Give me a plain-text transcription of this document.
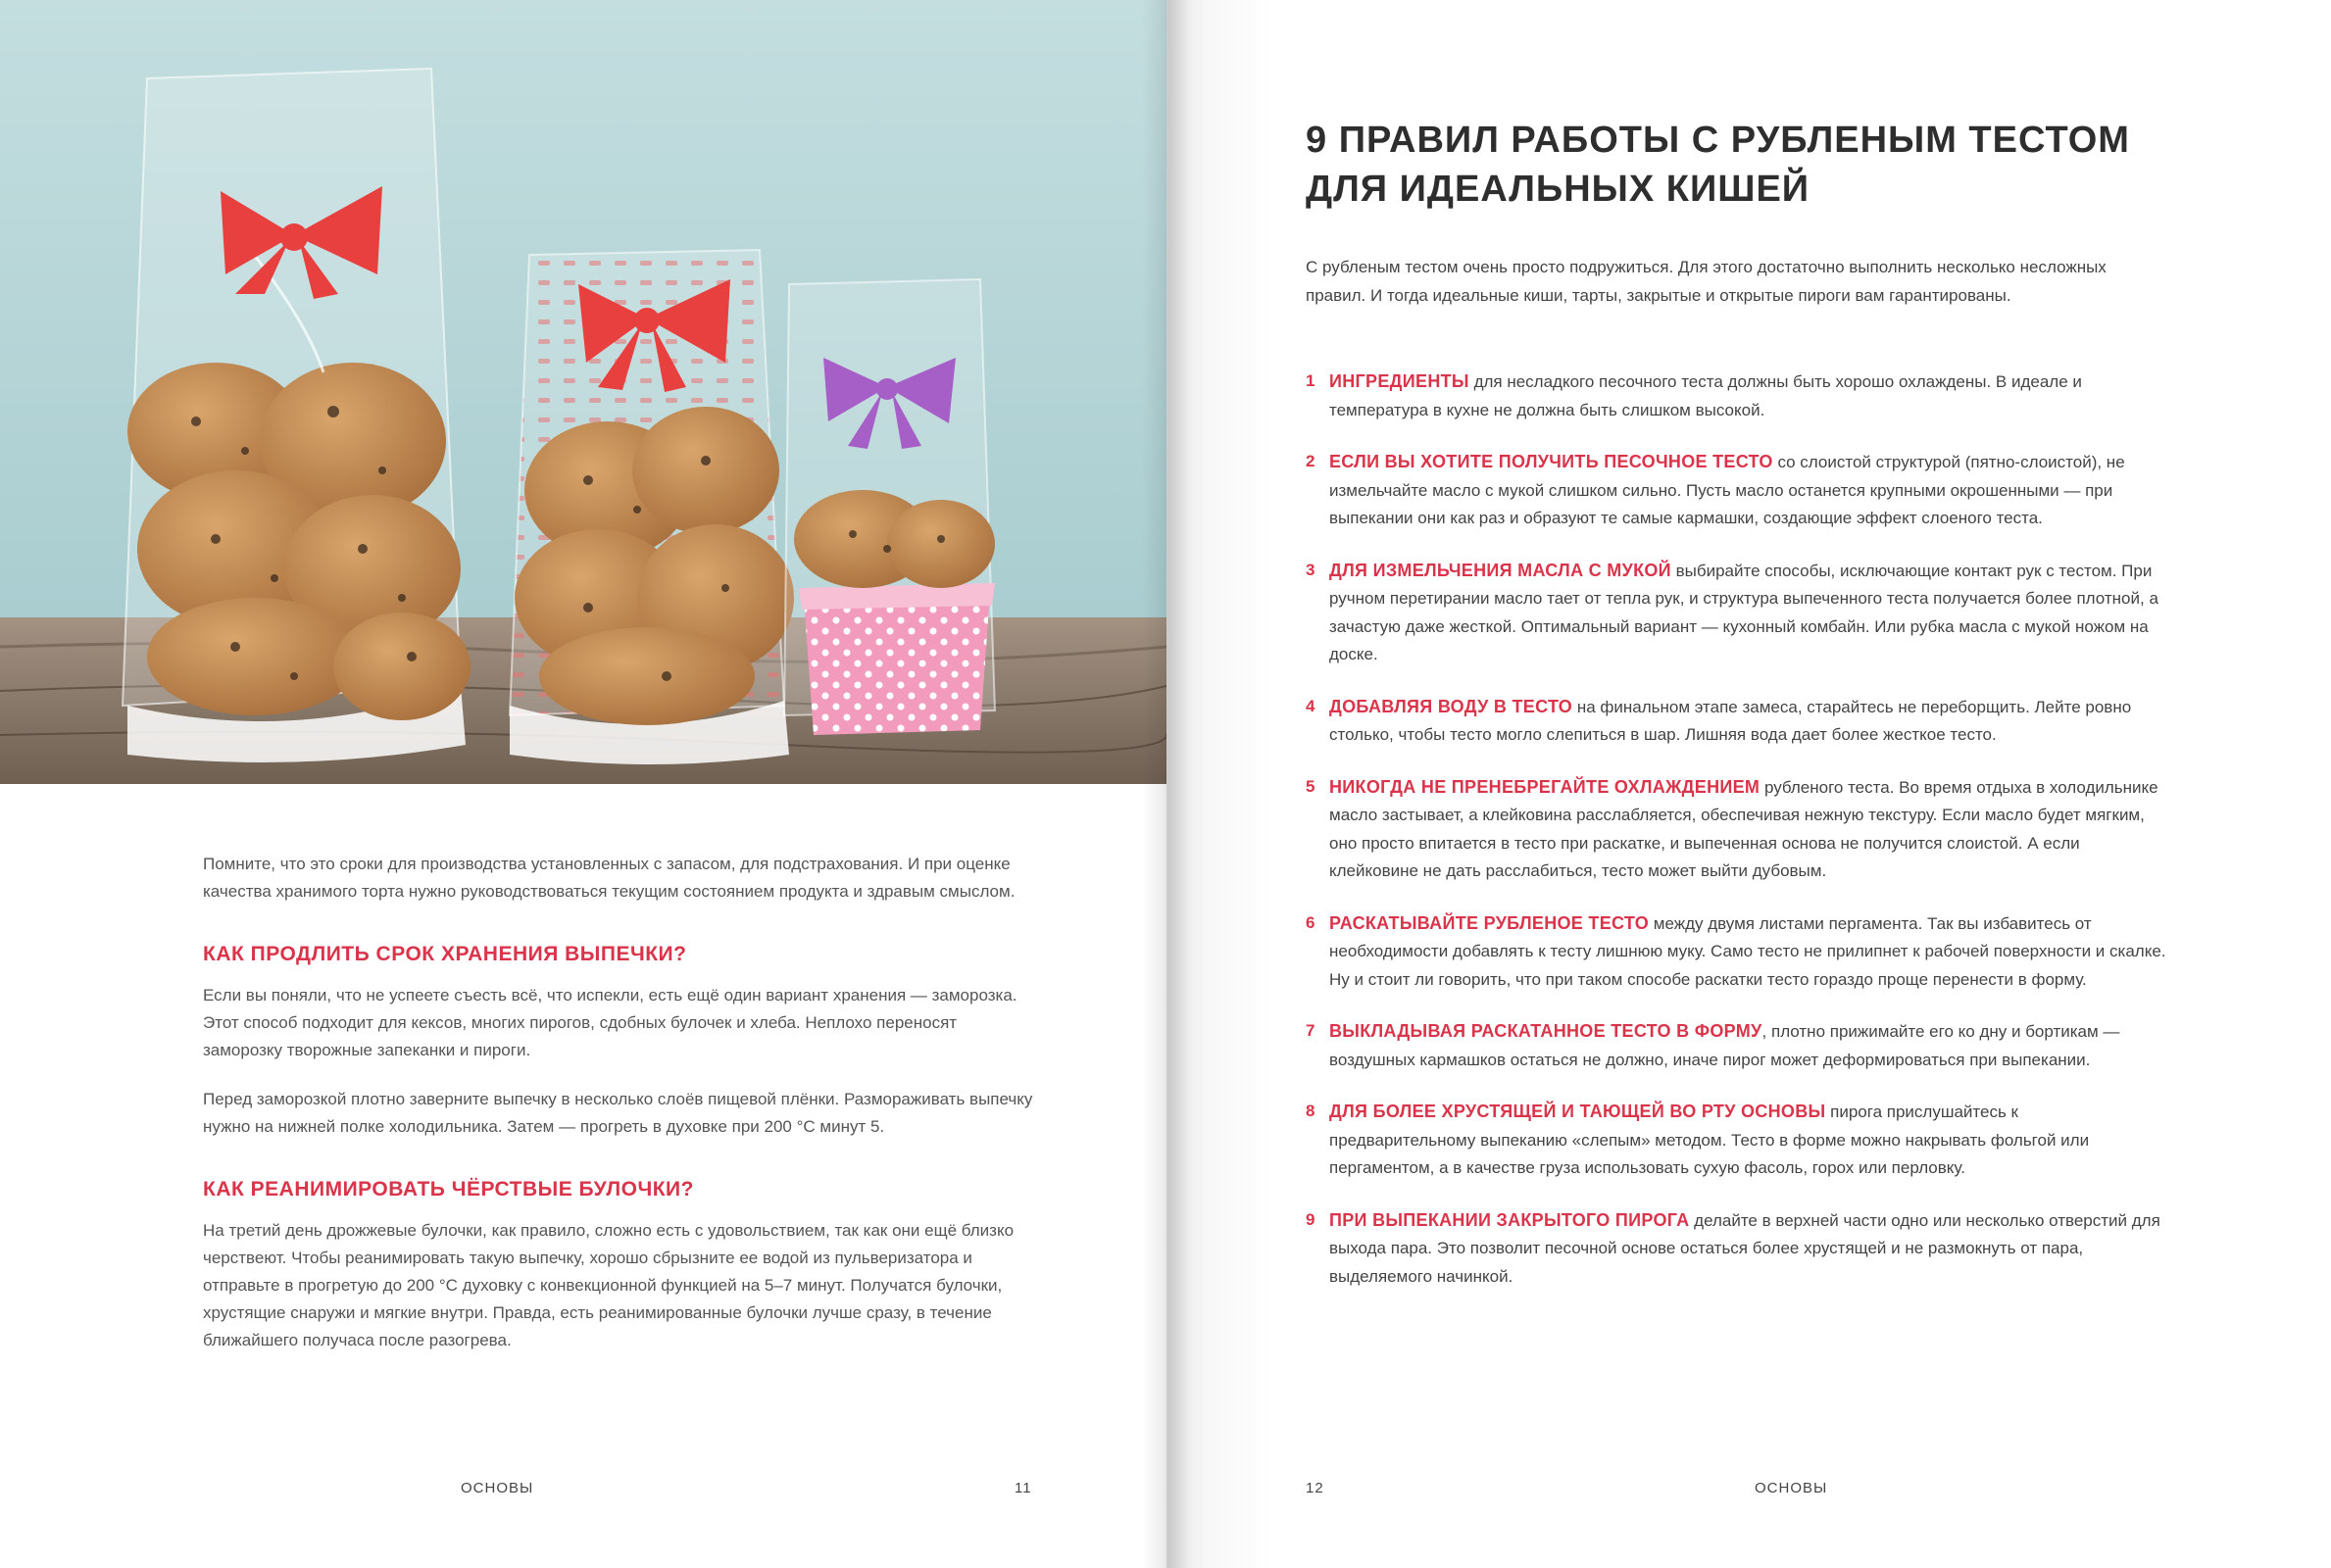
Помните, что это сроки для производства установленных с запасом, для подстрахования. И при оценке качества хранимого торта нужно руководствоваться текущим состоянием продукта и здравым смыслом.

КАК ПРОДЛИТЬ СРОК ХРАНЕНИЯ ВЫПЕЧКИ?

Если вы поняли, что не успеете съесть всё, что испекли, есть ещё один вариант хранения — заморозка. Этот способ подходит для кексов, многих пирогов, сдобных булочек и хлеба. Неплохо переносят заморозку творожные запеканки и пироги.

Перед заморозкой плотно заверните выпечку в несколько слоёв пищевой плёнки. Размораживать выпечку нужно на нижней полке холодильника. Затем — прогреть в духовке при 200 °С минут 5.

КАК РЕАНИМИРОВАТЬ ЧЁРСТВЫЕ БУЛОЧКИ?

На третий день дрожжевые булочки, как правило, сложно есть с удовольствием, так как они ещё близко черствеют. Чтобы реанимировать такую выпечку, хорошо сбрызните ее водой из пульверизатора и отправьте в прогретую до 200 °С духовку с конвекционной функцией на 5–7 минут. Получатся булочки, хрустящие снаружи и мягкие внутри. Правда, есть реанимированные булочки лучше сразу, в течение ближайшего получаса после разогрева.

ОСНОВЫ	11
9 ПРАВИЛ РАБОТЫ С РУБЛЕНЫМ ТЕСТОМ ДЛЯ ИДЕАЛЬНЫХ КИШЕЙ

С рубленым тестом очень просто подружиться. Для этого достаточно выполнить несколько несложных правил. И тогда идеальные киши, тарты, закрытые и открытые пироги вам гарантированы.

1 ИНГРЕДИЕНТЫ для несладкого песочного теста должны быть хорошо охлаждены. В идеале и температура в кухне не должна быть слишком высокой.
2 ЕСЛИ ВЫ ХОТИТЕ ПОЛУЧИТЬ ПЕСОЧНОЕ ТЕСТО со слоистой структурой (пятно-слоистой), не измельчайте масло с мукой слишком сильно. Пусть масло останется крупными окрошенными — при выпекании они как раз и образуют те самые кармашки, создающие эффект слоеного теста.
3 ДЛЯ ИЗМЕЛЬЧЕНИЯ МАСЛА С МУКОЙ выбирайте способы, исключающие контакт рук с тестом. При ручном перетирании масло тает от тепла рук, и структура выпеченного теста получается более плотной, а зачастую даже жесткой. Оптимальный вариант — кухонный комбайн. Или рубка масла с мукой ножом на доске.
4 ДОБАВЛЯЯ ВОДУ В ТЕСТО на финальном этапе замеса, старайтесь не переборщить. Лейте ровно столько, чтобы тесто могло слепиться в шар. Лишняя вода дает более жесткое тесто.
5 НИКОГДА НЕ ПРЕНЕБРЕГАЙТЕ ОХЛАЖДЕНИЕМ рубленого теста. Во время отдыха в холодильнике масло застывает, а клейковина расслабляется, обеспечивая нежную текстуру. Если масло будет мягким, оно просто впитается в тесто при раскатке, и выпеченная основа не получится слоистой. А если клейковине не дать расслабиться, тесто может выйти дубовым.
6 РАСКАТЫВАЙТЕ РУБЛЕНОЕ ТЕСТО между двумя листами пергамента. Так вы избавитесь от необходимости добавлять к тесту лишнюю муку. Само тесто не прилипнет к рабочей поверхности и скалке. Ну и стоит ли говорить, что при таком способе раскатки тесто гораздо проще перенести в форму.
7 ВЫКЛАДЫВАЯ РАСКАТАННОЕ ТЕСТО В ФОРМУ, плотно прижимайте его ко дну и бортикам — воздушных кармашков остаться не должно, иначе пирог может деформироваться при выпекании.
8 ДЛЯ БОЛЕЕ ХРУСТЯЩЕЙ И ТАЮЩЕЙ ВО РТУ ОСНОВЫ пирога прислушайтесь к предварительному выпеканию «слепым» методом. Тесто в форме можно накрывать фольгой или пергаментом, а в качестве груза использовать сухую фасоль, горох или перловку.
9 ПРИ ВЫПЕКАНИИ ЗАКРЫТОГО ПИРОГА делайте в верхней части одно или несколько отверстий для выхода пара. Это позволит песочной основе остаться более хрустящей и не размокнуть от пара, выделяемого начинкой.
12	ОСНОВЫ
